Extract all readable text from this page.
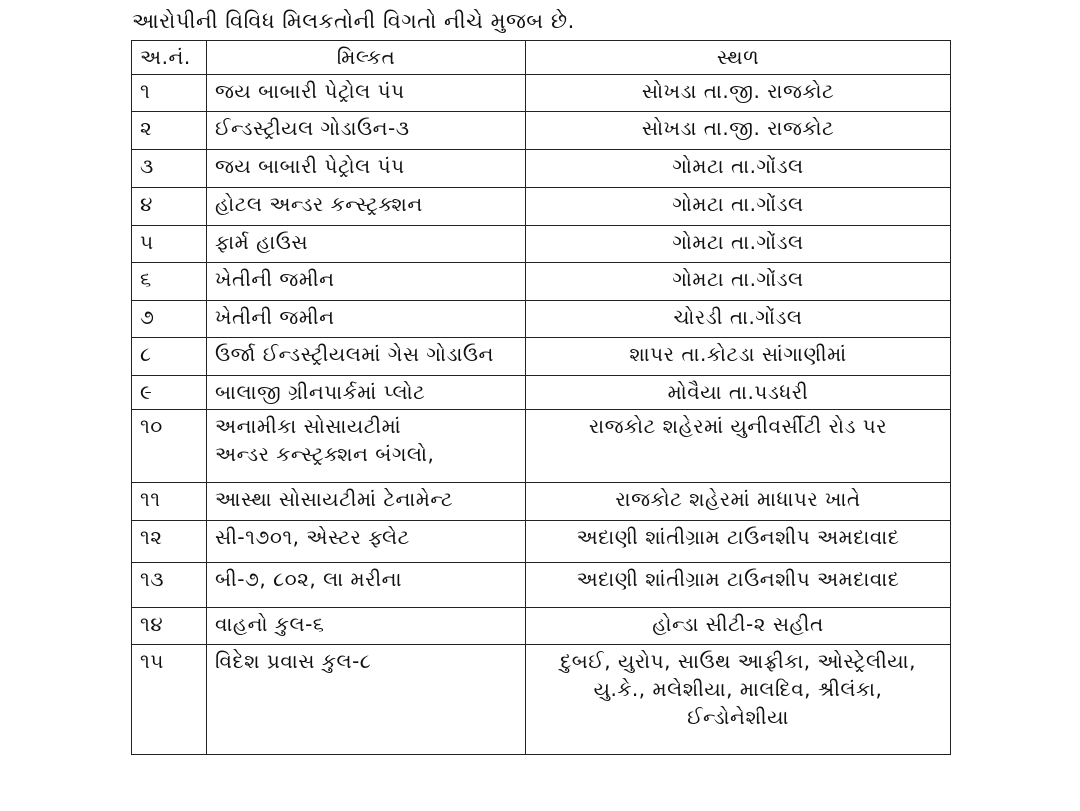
આરોપીની વિવિધ મિલકતોની વિગતો નીચે મુજબ છે.
અ.નં.	મિલ્કત	સ્થળ

૧	જય બાબારી પેટ્રોલ પંપ	સોખડા તા.જી. રાજકોટ

૨	ઈન્ડસ્ટ્રીયલ ગોડાઉન-૩	સોખડા તા.જી. રાજકોટ

૩	જય બાબારી પેટ્રોલ પંપ	ગોમટા તા.ગોંડલ

૪	હોટલ અન્ડર કન્સ્ટ્રક્શન	ગોમટા તા.ગોંડલ

૫	ફાર્મ હાઉસ	ગોમટા તા.ગોંડલ

૬	ખેતીની જમીન	ગોમટા તા.ગોંડલ

૭	ખેતીની જમીન	ચોરડી તા.ગોંડલ

૮	ઉર્જા ઈન્ડસ્ટ્રીયલમાં ગેસ ગોડાઉન	શાપર તા.કોટડા સાંગાણીમાં

૯	બાલાજી ગ્રીનપાર્કમાં પ્લોટ	મોવૈયા તા.પડધરી

૧૦	અનામીકા સોસાયટીમાં
અન્ડર કન્સ્ટ્રક્શન બંગલો,	રાજકોટ શહેરમાં યુનીવર્સીટી રોડ પર

૧૧	આસ્થા સોસાયટીમાં ટેનામેન્ટ	રાજકોટ શહેરમાં માધાપર ખાતે

૧૨	સી-૧૭૦૧, એસ્ટર ફ્લેટ	અદાણી શાંતીગ્રામ ટાઉનશીપ અમદાવાદ

૧૩	બી-૭, ૮૦૨, લા મરીના	અદાણી શાંતીગ્રામ ટાઉનશીપ અમદાવાદ

૧૪	વાહનો કુલ-૬	હોન્ડા સીટી-૨ સહીત

૧૫	વિદેશ પ્રવાસ કુલ-૮	દુબઈ, યુરોપ, સાઉથ આફ્રીકા, ઓસ્ટ્રેલીયા,
યુ.કે., મલેશીયા, માલદિવ, શ્રીલંકા,
ઈન્ડોનેશીયા
